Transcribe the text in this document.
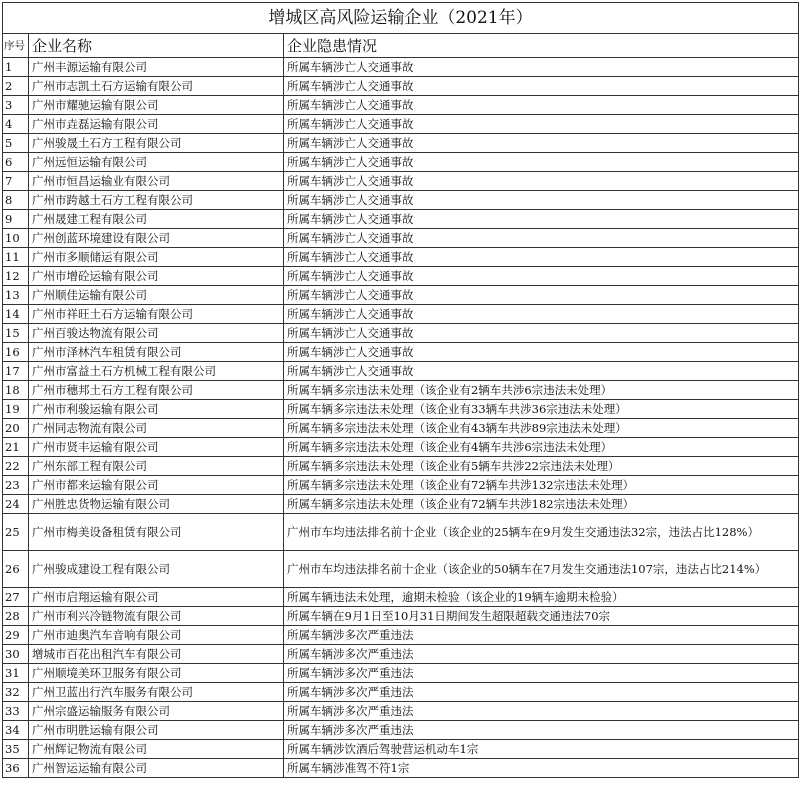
增城区高风险运输企业（2021年）		
序号	企业名称	企业隐患情况
1	广州丰源运输有限公司	所属车辆涉亡人交通事故
2	广州市志凯土石方运输有限公司	所属车辆涉亡人交通事故
3	广州市耀驰运输有限公司	所属车辆涉亡人交通事故
4	广州市垚磊运输有限公司	所属车辆涉亡人交通事故
5	广州骏晟土石方工程有限公司	所属车辆涉亡人交通事故
6	广州远恒运输有限公司	所属车辆涉亡人交通事故
7	广州市恒昌运输业有限公司	所属车辆涉亡人交通事故
8	广州市跨越土石方工程有限公司	所属车辆涉亡人交通事故
9	广州晟建工程有限公司	所属车辆涉亡人交通事故
10	广州创蓝环境建设有限公司	所属车辆涉亡人交通事故
11	广州市多顺储运有限公司	所属车辆涉亡人交通事故
12	广州市增砼运输有限公司	所属车辆涉亡人交通事故
13	广州顺佳运输有限公司	所属车辆涉亡人交通事故
14	广州市祥旺土石方运输有限公司	所属车辆涉亡人交通事故
15	广州百骏达物流有限公司	所属车辆涉亡人交通事故
16	广州市泽林汽车租赁有限公司	所属车辆涉亡人交通事故
17	广州市富益土石方机械工程有限公司	所属车辆涉亡人交通事故
18	广州市穗邦土石方工程有限公司	所属车辆多宗违法未处理（该企业有2辆车共涉6宗违法未处理）
19	广州市利骏运输有限公司	所属车辆多宗违法未处理（该企业有33辆车共涉36宗违法未处理）
20	广州同志物流有限公司	所属车辆多宗违法未处理（该企业有43辆车共涉89宗违法未处理）
21	广州市贤丰运输有限公司	所属车辆多宗违法未处理（该企业有4辆车共涉6宗违法未处理）
22	广州东部工程有限公司	所属车辆多宗违法未处理（该企业有5辆车共涉22宗违法未处理）
23	广州市都来运输有限公司	所属车辆多宗违法未处理（该企业有72辆车共涉132宗违法未处理）
24	广州胜忠货物运输有限公司	所属车辆多宗违法未处理（该企业有72辆车共涉182宗违法未处理）
25	广州市梅美设备租赁有限公司	广州市车均违法排名前十企业（该企业的25辆车在9月发生交通违法32宗，违法占比128%）
26	广州骏成建设工程有限公司	广州市车均违法排名前十企业（该企业的50辆车在7月发生交通违法107宗，违法占比214%）
27	广州市启翔运输有限公司	所属车辆违法未处理，逾期未检验（该企业的19辆车逾期未检验）
28	广州市利兴冷链物流有限公司	所属车辆在9月1日至10月31日期间发生超限超载交通违法70宗
29	广州市迪奥汽车音响有限公司	所属车辆涉多次严重违法
30	增城市百花出租汽车有限公司	所属车辆涉多次严重违法
31	广州顺境美环卫服务有限公司	所属车辆涉多次严重违法
32	广州卫蓝出行汽车服务有限公司	所属车辆涉多次严重违法
33	广州宗盛运输服务有限公司	所属车辆涉多次严重违法
34	广州市明胜运输有限公司	所属车辆涉多次严重违法
35	广州辉记物流有限公司	所属车辆涉饮酒后驾驶营运机动车1宗
36	广州智运运输有限公司	所属车辆涉准驾不符1宗
